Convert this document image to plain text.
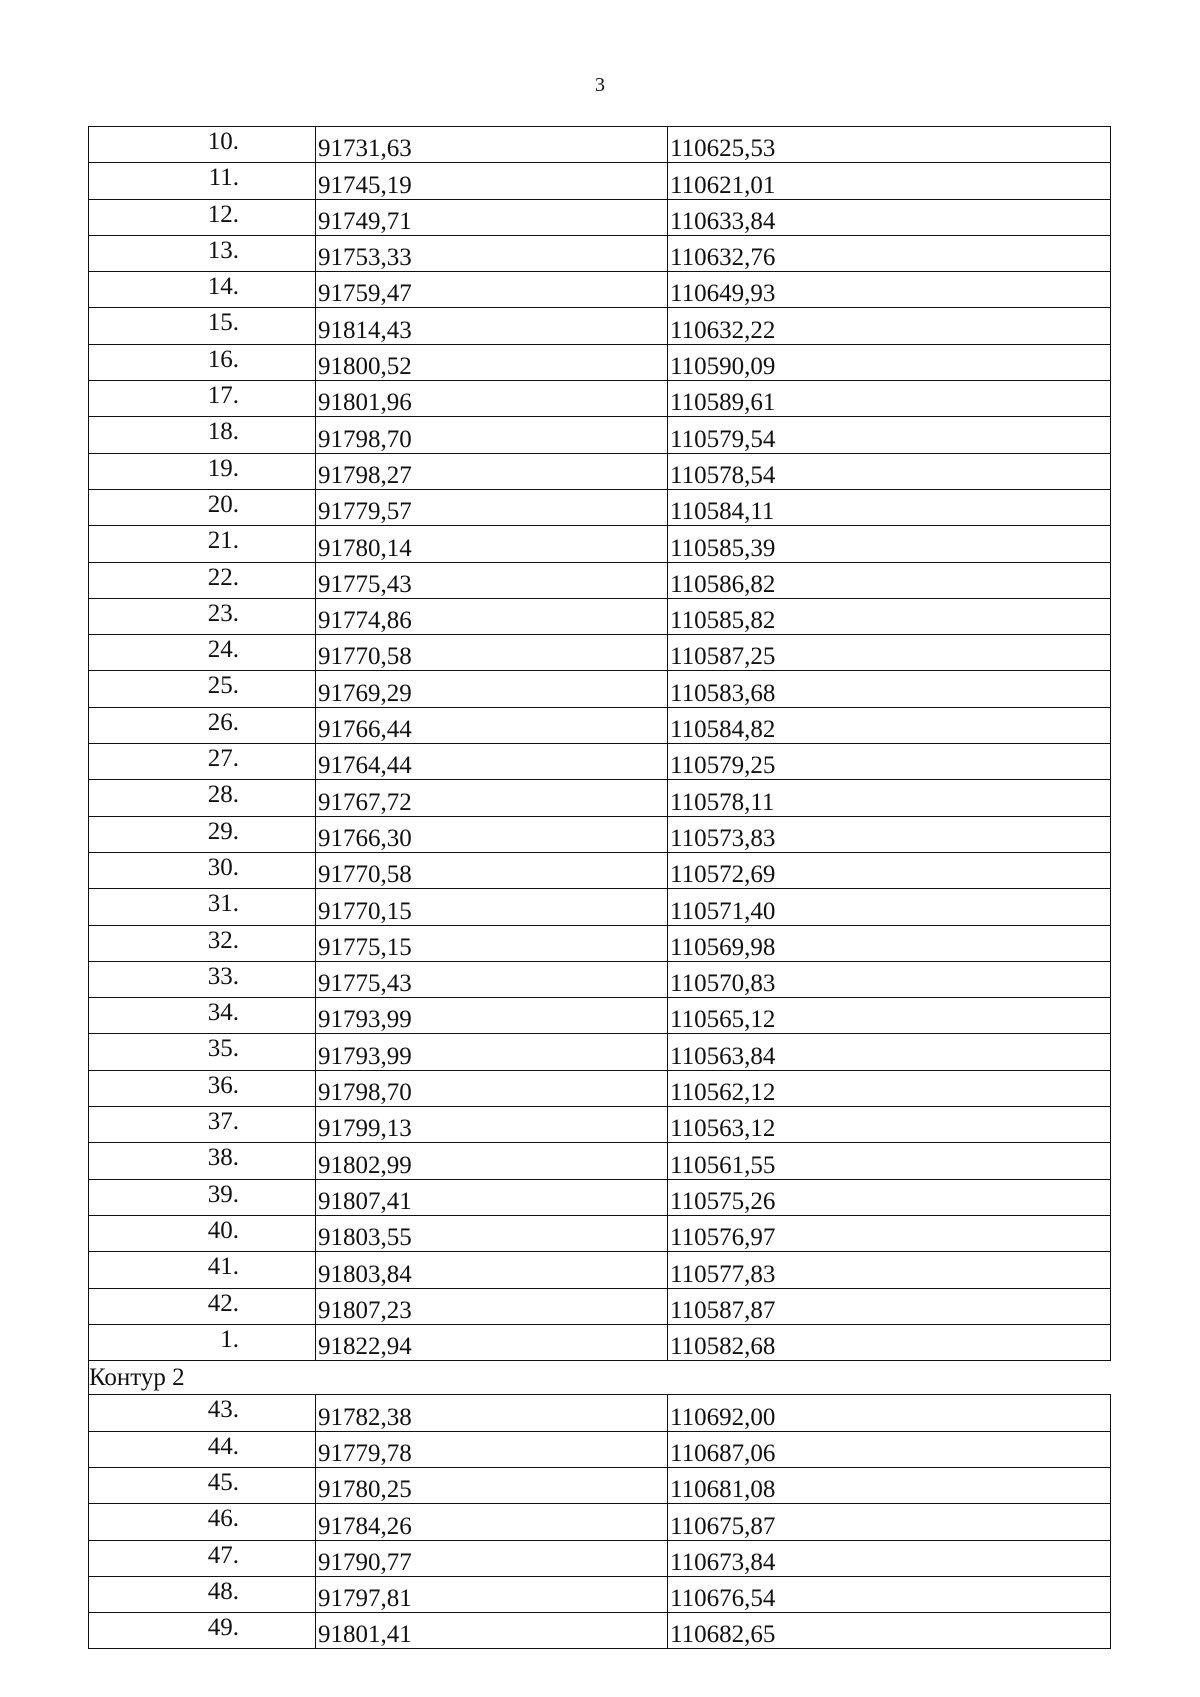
3
10.	91731,63	110625,53
11.	91745,19	110621,01
12.	91749,71	110633,84
13.	91753,33	110632,76
14.	91759,47	110649,93
15.	91814,43	110632,22
16.	91800,52	110590,09
17.	91801,96	110589,61
18.	91798,70	110579,54
19.	91798,27	110578,54
20.	91779,57	110584,11
21.	91780,14	110585,39
22.	91775,43	110586,82
23.	91774,86	110585,82
24.	91770,58	110587,25
25.	91769,29	110583,68
26.	91766,44	110584,82
27.	91764,44	110579,25
28.	91767,72	110578,11
29.	91766,30	110573,83
30.	91770,58	110572,69
31.	91770,15	110571,40
32.	91775,15	110569,98
33.	91775,43	110570,83
34.	91793,99	110565,12
35.	91793,99	110563,84
36.	91798,70	110562,12
37.	91799,13	110563,12
38.	91802,99	110561,55
39.	91807,41	110575,26
40.	91803,55	110576,97
41.	91803,84	110577,83
42.	91807,23	110587,87
1.	91822,94	110582,68
Контур 2		
43.	91782,38	110692,00
44.	91779,78	110687,06
45.	91780,25	110681,08
46.	91784,26	110675,87
47.	91790,77	110673,84
48.	91797,81	110676,54
49.	91801,41	110682,65
